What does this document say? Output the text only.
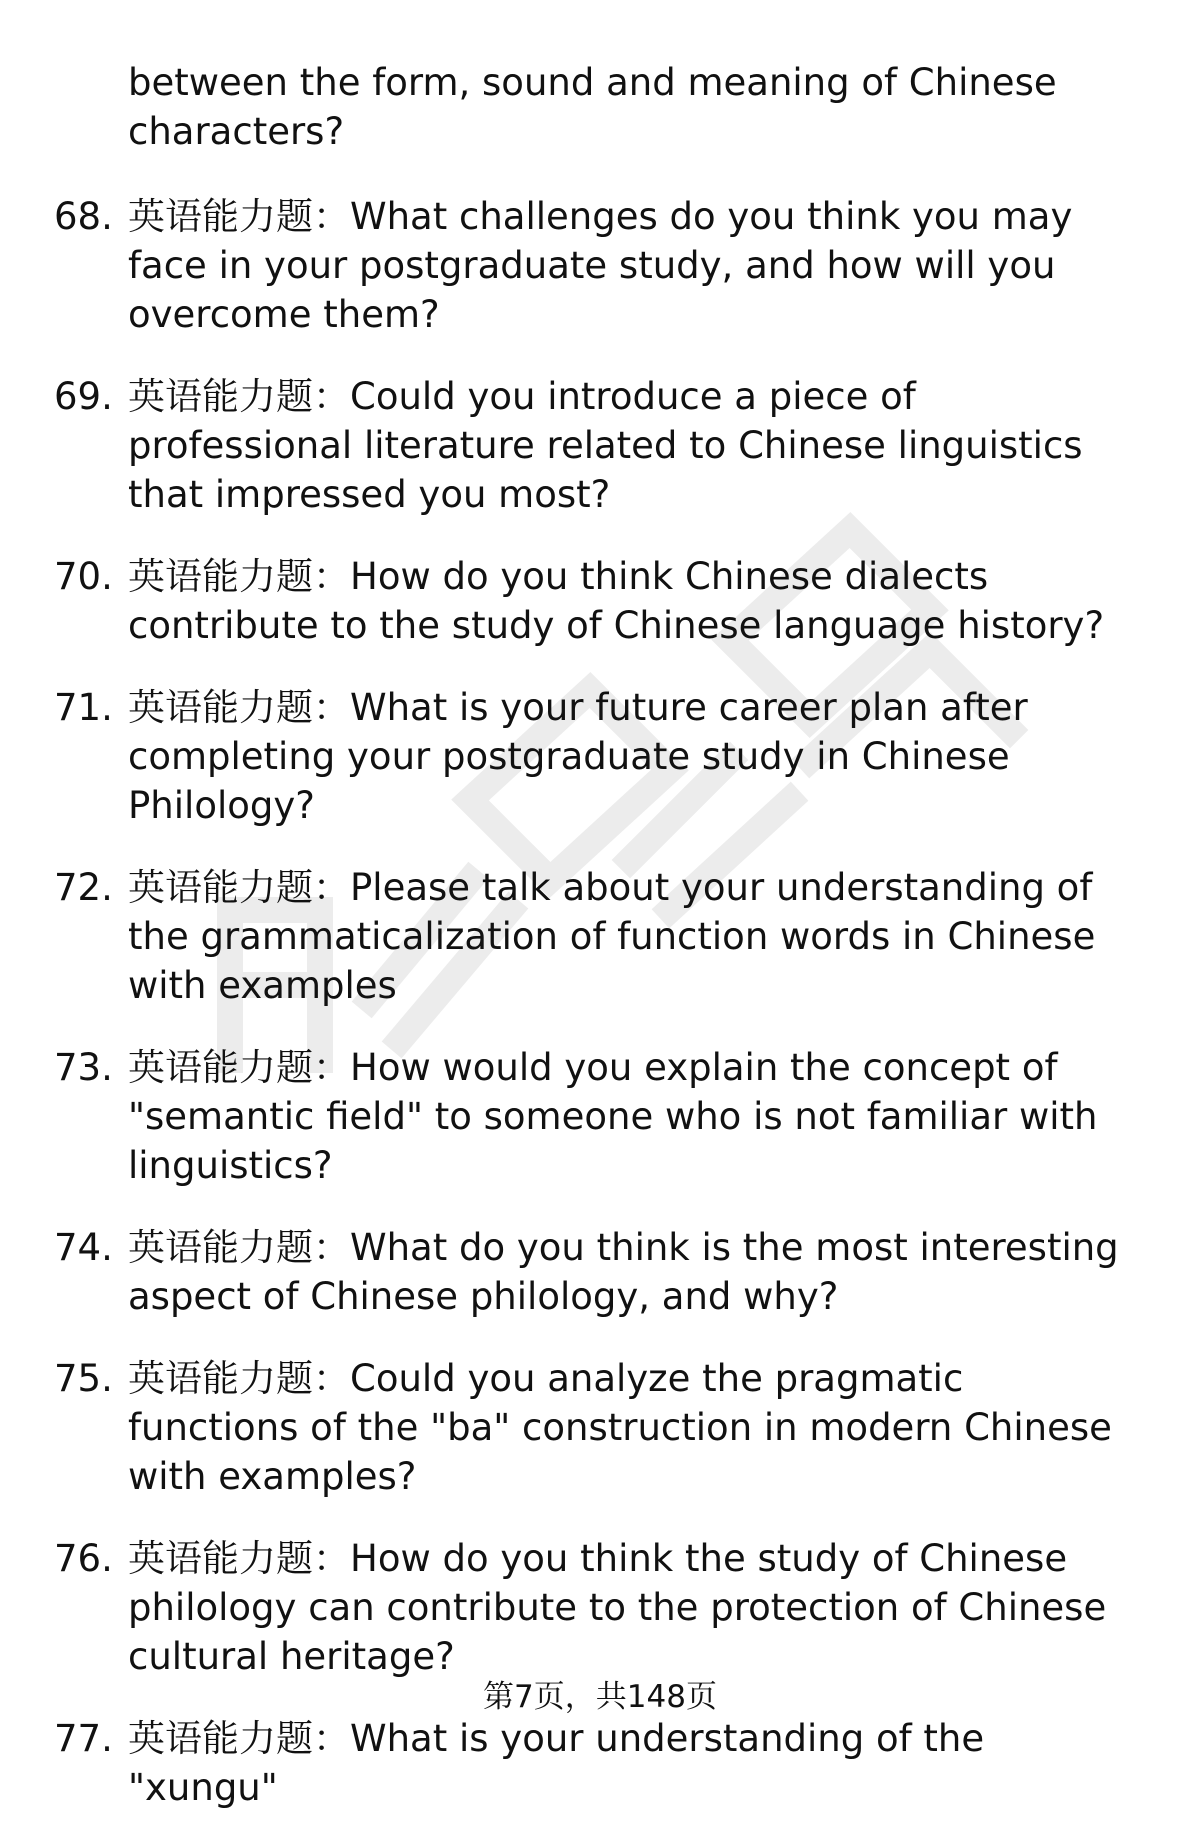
between the form, sound and meaning of Chinese characters?

68. 英语能力题：What challenges do you think you may face in your postgraduate study, and how will you overcome them?
69. 英语能力题：Could you introduce a piece of professional literature related to Chinese linguistics that impressed you most?
70. 英语能力题：How do you think Chinese dialects contribute to the study of Chinese language history?
71. 英语能力题：What is your future career plan after completing your postgraduate study in Chinese Philology?
72. 英语能力题：Please talk about your understanding of the grammaticalization of function words in Chinese with examples
73. 英语能力题：How would you explain the concept of "semantic field" to someone who is not familiar with linguistics?
74. 英语能力题：What do you think is the most interesting aspect of Chinese philology, and why?
75. 英语能力题：Could you analyze the pragmatic functions of the "ba" construction in modern Chinese with examples?
76. 英语能力题：How do you think the study of Chinese philology can contribute to the protection of Chinese cultural heritage?
77. 英语能力题：What is your understanding of the "xungu"
第7页，共148页
